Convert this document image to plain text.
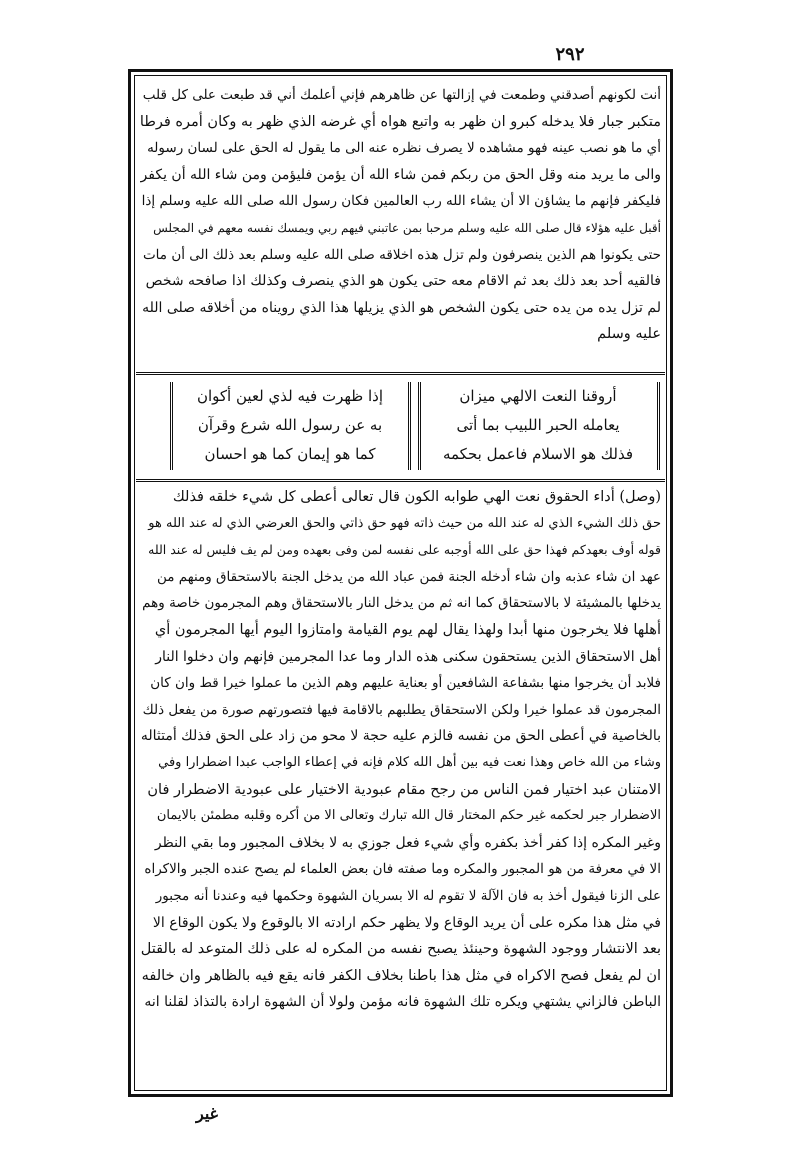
٢٩٢
أنت لكونهم أصدقني وطمعت في إزالتها عن ظاهرهم فإني أعلمك أني قد طبعت على كل قلب
متكبر جبار فلا يدخله كبرو ان ظهر به واتبع هواه أي غرضه الذي ظهر به وكان أمره فرطا
أي ما هو نصب عينه فهو مشاهده لا يصرف نظره عنه الى ما يقول له الحق على لسان رسوله
والى ما يريد منه وقل الحق من ربكم فمن شاء الله أن يؤمن فليؤمن ومن شاء الله أن يكفر
فليكفر فإنهم ما يشاؤن الا أن يشاء الله رب العالمين فكان رسول الله صلى الله عليه وسلم إذا
أقبل عليه هؤلاء قال صلى الله عليه وسلم مرحبا بمن عاتبني فيهم ربي ويمسك نفسه معهم في المجلس
حتى يكونوا هم الذين ينصرفون ولم تزل هذه اخلاقه صلى الله عليه وسلم بعد ذلك الى أن مات
فالقيه أحد بعد ذلك بعد ثم الاقام معه حتى يكون هو الذي ينصرف وكذلك اذا صافحه شخص
لم تزل يده من يده حتى يكون الشخص هو الذي يزيلها هذا الذي رويناه من أخلاقه صلى الله
عليه وسلم
أروقنا النعت الالهي ميزان
يعامله الحبر اللبيب بما أتى
فذلك هو الاسلام فاعمل بحكمه
إذا ظهرت فيه لذي لعين أكوان
به عن رسول الله شرع وقرآن
كما هو إيمان كما هو احسان
(وصل) أداء الحقوق نعت الهي طوابه الكون قال تعالى أعطى كل شيء خلقه فذلك
حق ذلك الشيء الذي له عند الله من حيث ذاته فهو حق ذاتي والحق العرضي الذي له عند الله هو
قوله أوف بعهدكم فهذا حق على الله أوجبه على نفسه لمن وفى بعهده ومن لم يف فليس له عند الله
عهد ان شاء عذبه وان شاء أدخله الجنة فمن عباد الله من يدخل الجنة بالاستحقاق ومنهم من
يدخلها بالمشيئة لا بالاستحقاق كما انه ثم من يدخل النار بالاستحقاق وهم المجرمون خاصة وهم
أهلها فلا يخرجون منها أبدا ولهذا يقال لهم يوم القيامة وامتازوا اليوم أيها المجرمون أي
أهل الاستحقاق الذين يستحقون سكنى هذه الدار وما عدا المجرمين فإنهم وان دخلوا النار
فلابد أن يخرجوا منها بشفاعة الشافعين أو بعناية عليهم وهم الذين ما عملوا خيرا قط وان كان
المجرمون قد عملوا خيرا ولكن الاستحقاق يطلبهم بالاقامة فيها فتصورتهم صورة من يفعل ذلك
بالخاصية في أعطى الحق من نفسه فالزم عليه حجة لا محو من زاد على الحق فذلك أمتثاله
وشاء من الله خاص وهذا نعت فيه بين أهل الله كلام فإنه في إعطاء الواجب عبدا اضطرارا وفي
الامتنان عبد اختيار فمن الناس من رجح مقام عبودية الاختيار على عبودية الاضطرار فان
الاضطرار جبر لحكمه غير حكم المختار قال الله تبارك وتعالى الا من أكره وقلبه مطمئن بالايمان
وغير المكره إذا كفر أخذ بكفره وأي شيء فعل جوزي به لا بخلاف المجبور وما بقي النظر
الا في معرفة من هو المجبور والمكره وما صفته فان بعض العلماء لم يصح عنده الجبر والاكراه
على الزنا فيقول أخذ به فان الآلة لا تقوم له الا بسريان الشهوة وحكمها فيه وعندنا أنه مجبور
في مثل هذا مكره على أن يريد الوقاع ولا يظهر حكم ارادته الا بالوقوع ولا يكون الوقاع الا
بعد الانتشار ووجود الشهوة وحينئذ يصبح نفسه من المكره له على ذلك المتوعد له بالقتل
ان لم يفعل فصح الاكراه في مثل هذا باطنا بخلاف الكفر فانه يقع فيه بالظاهر وان خالفه
الباطن فالزاني يشتهي ويكره تلك الشهوة فانه مؤمن ولولا أن الشهوة ارادة بالتذاذ لقلنا انه
غير
